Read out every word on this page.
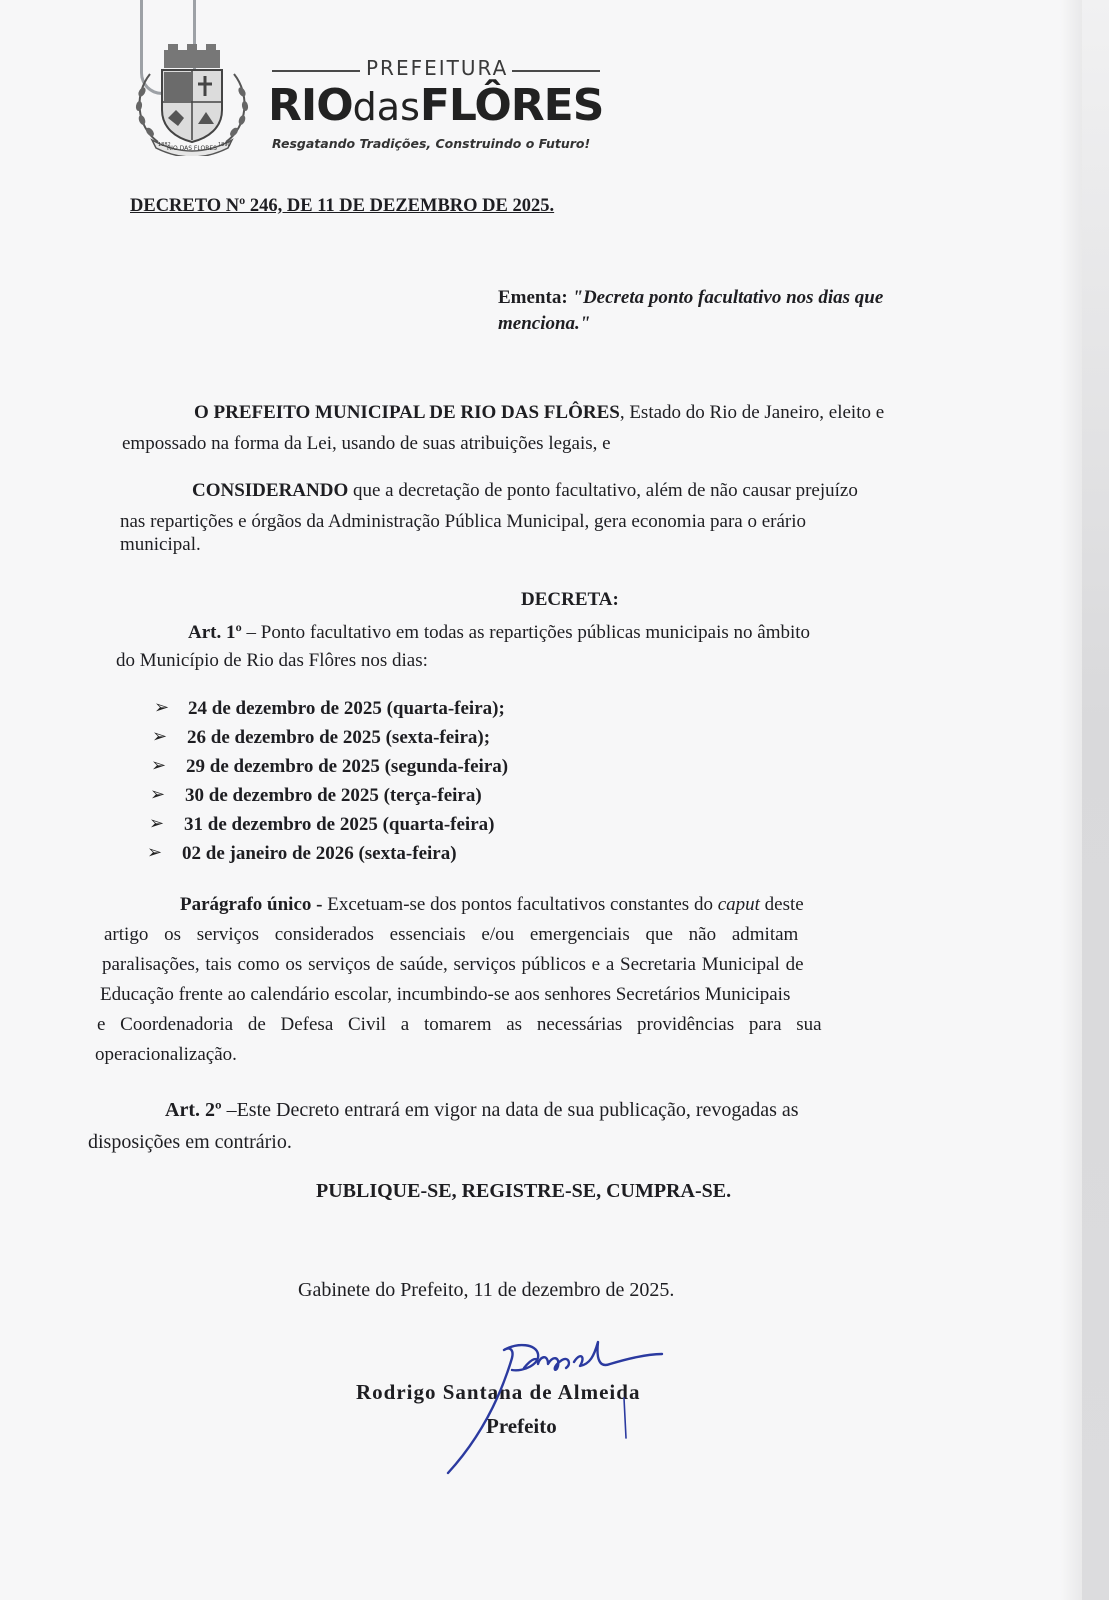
RIO DAS FLORES
1882	1890
PREFEITURA
RIOdasFLÔRES
Resgatando Tradições, Construindo o Futuro!
DECRETO Nº 246, DE 11 DE DEZEMBRO DE 2025.
Ementa: "Decreta ponto facultativo nos dias que
menciona."
O PREFEITO MUNICIPAL DE RIO DAS FLÔRES, Estado do Rio de Janeiro, eleito e
empossado na forma da Lei, usando de suas atribuições legais, e
CONSIDERANDO que a decretação de ponto facultativo, além de não causar prejuízo
nas repartições e órgãos da Administração Pública Municipal, gera economia para o erário
municipal.
DECRETA:
Art. 1º – Ponto facultativo em todas as repartições públicas municipais no âmbito
do Município de Rio das Flôres nos dias:
➢ 24 de dezembro de 2025 (quarta-feira);
➢ 26 de dezembro de 2025 (sexta-feira);
➢ 29 de dezembro de 2025 (segunda-feira)
➢ 30 de dezembro de 2025 (terça-feira)
➢ 31 de dezembro de 2025 (quarta-feira)
➢ 02 de janeiro de 2026 (sexta-feira)
Parágrafo único - Excetuam-se dos pontos facultativos constantes do caput deste
artigo os serviços considerados essenciais e/ou emergenciais que não admitam
paralisações, tais como os serviços de saúde, serviços públicos e a Secretaria Municipal de
Educação frente ao calendário escolar, incumbindo-se aos senhores Secretários Municipais
e Coordenadoria de Defesa Civil a tomarem as necessárias providências para sua
operacionalização.
Art. 2º –Este Decreto entrará em vigor na data de sua publicação, revogadas as
disposições em contrário.
PUBLIQUE-SE, REGISTRE-SE, CUMPRA-SE.
Gabinete do Prefeito, 11 de dezembro de 2025.
Rodrigo Santana de Almeida
Prefeito
